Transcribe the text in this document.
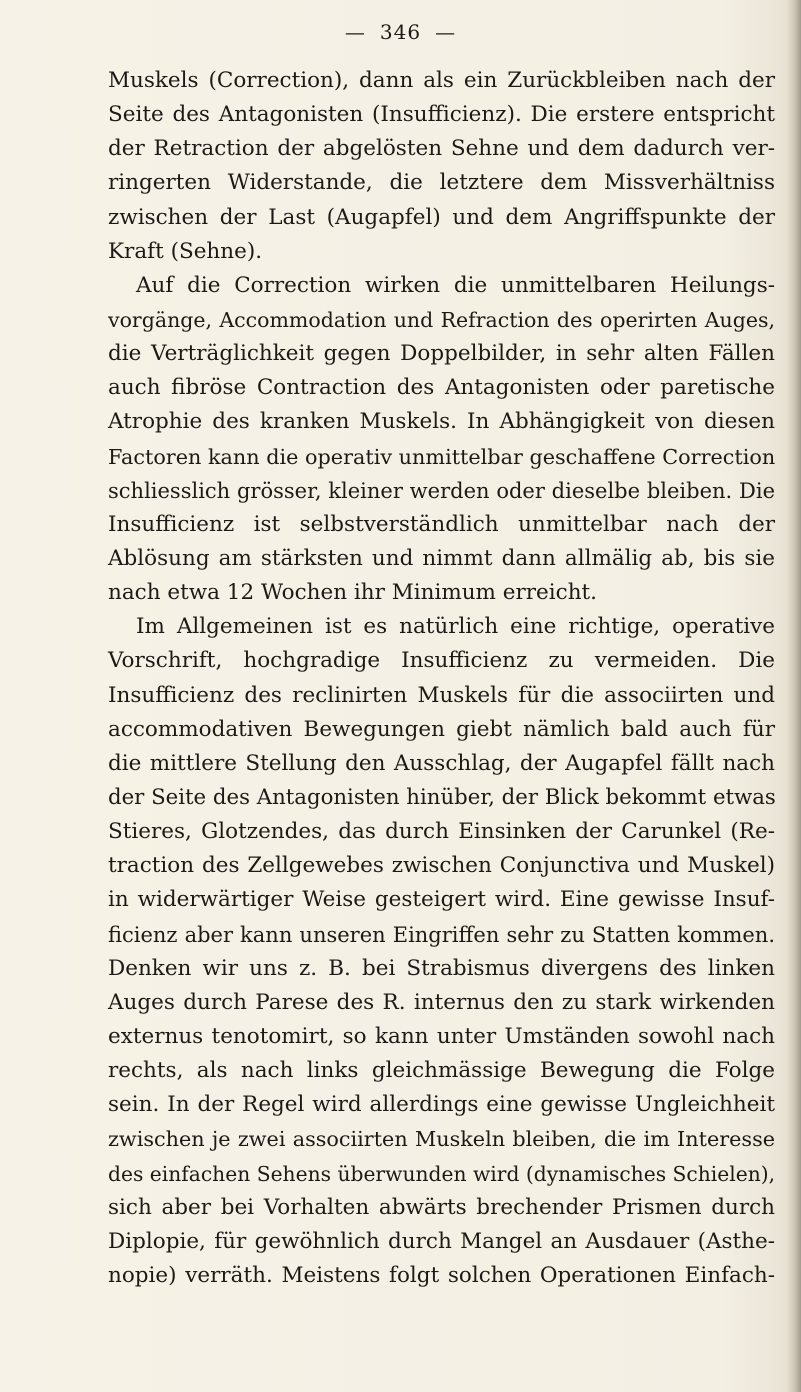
— 346 —
Muskels (Correction), dann als ein Zurückbleiben nach der
Seite des Antagonisten (Insufficienz). Die erstere entspricht
der Retraction der abgelösten Sehne und dem dadurch ver-
ringerten Widerstande, die letztere dem Missverhältniss
zwischen der Last (Augapfel) und dem Angriffspunkte der
Kraft (Sehne).
Auf die Correction wirken die unmittelbaren Heilungs-
vorgänge, Accommodation und Refraction des operirten Auges,
die Verträglichkeit gegen Doppelbilder, in sehr alten Fällen
auch fibröse Contraction des Antagonisten oder paretische
Atrophie des kranken Muskels. In Abhängigkeit von diesen
Factoren kann die operativ unmittelbar geschaffene Correction
schliesslich grösser, kleiner werden oder dieselbe bleiben. Die
Insufficienz ist selbstverständlich unmittelbar nach der
Ablösung am stärksten und nimmt dann allmälig ab, bis sie
nach etwa 12 Wochen ihr Minimum erreicht.
Im Allgemeinen ist es natürlich eine richtige, operative
Vorschrift, hochgradige Insufficienz zu vermeiden. Die
Insufficienz des reclinirten Muskels für die associirten und
accommodativen Bewegungen giebt nämlich bald auch für
die mittlere Stellung den Ausschlag, der Augapfel fällt nach
der Seite des Antagonisten hinüber, der Blick bekommt etwas
Stieres, Glotzendes, das durch Einsinken der Carunkel (Re-
traction des Zellgewebes zwischen Conjunctiva und Muskel)
in widerwärtiger Weise gesteigert wird. Eine gewisse Insuf-
ficienz aber kann unseren Eingriffen sehr zu Statten kommen.
Denken wir uns z. B. bei Strabismus divergens des linken
Auges durch Parese des R. internus den zu stark wirkenden
externus tenotomirt, so kann unter Umständen sowohl nach
rechts, als nach links gleichmässige Bewegung die Folge
sein. In der Regel wird allerdings eine gewisse Ungleichheit
zwischen je zwei associirten Muskeln bleiben, die im Interesse
des einfachen Sehens überwunden wird (dynamisches Schielen),
sich aber bei Vorhalten abwärts brechender Prismen durch
Diplopie, für gewöhnlich durch Mangel an Ausdauer (Asthe-
nopie) verräth. Meistens folgt solchen Operationen Einfach-
